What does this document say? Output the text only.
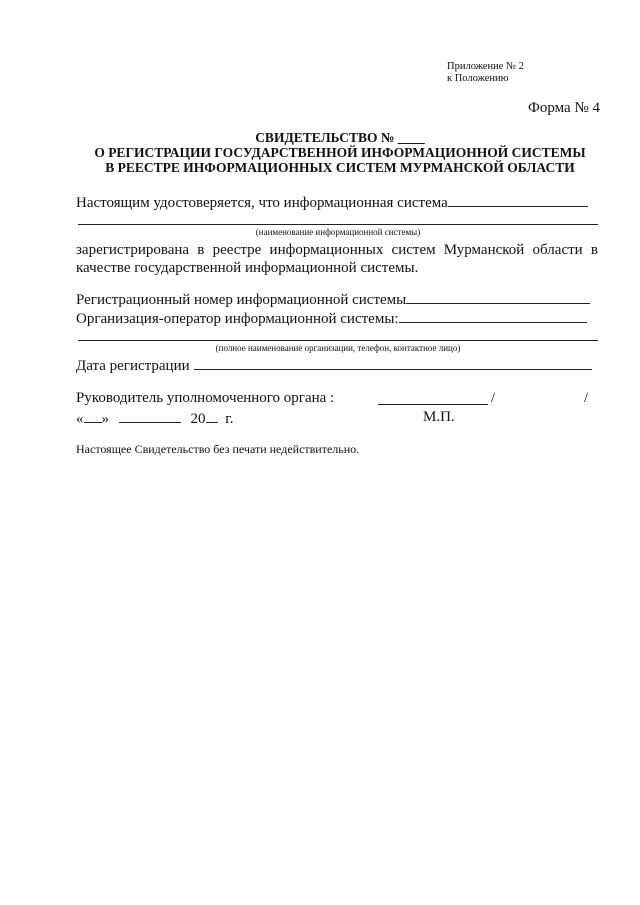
Приложение № 2
к Положению
Форма № 4
СВИДЕТЕЛЬСТВО № ____
О РЕГИСТРАЦИИ ГОСУДАРСТВЕННОЙ ИНФОРМАЦИОННОЙ СИСТЕМЫ
В РЕЕСТРЕ ИНФОРМАЦИОННЫХ СИСТЕМ МУРМАНСКОЙ ОБЛАСТИ
Настоящим удостоверяется, что информационная система
(наименование информационной системы)
зарегистрирована в реестре информационных систем Мурманской области в
качестве государственной информационной системы.
Регистрационный номер информационной системы
Организация-оператор информационной системы:
(полное наименование организации, телефон, контактное лицо)
Дата регистрации
Руководитель уполномоченного органа :	/	/
« »	20 г.	М.П.
Настоящее Свидетельство без печати недействительно.
